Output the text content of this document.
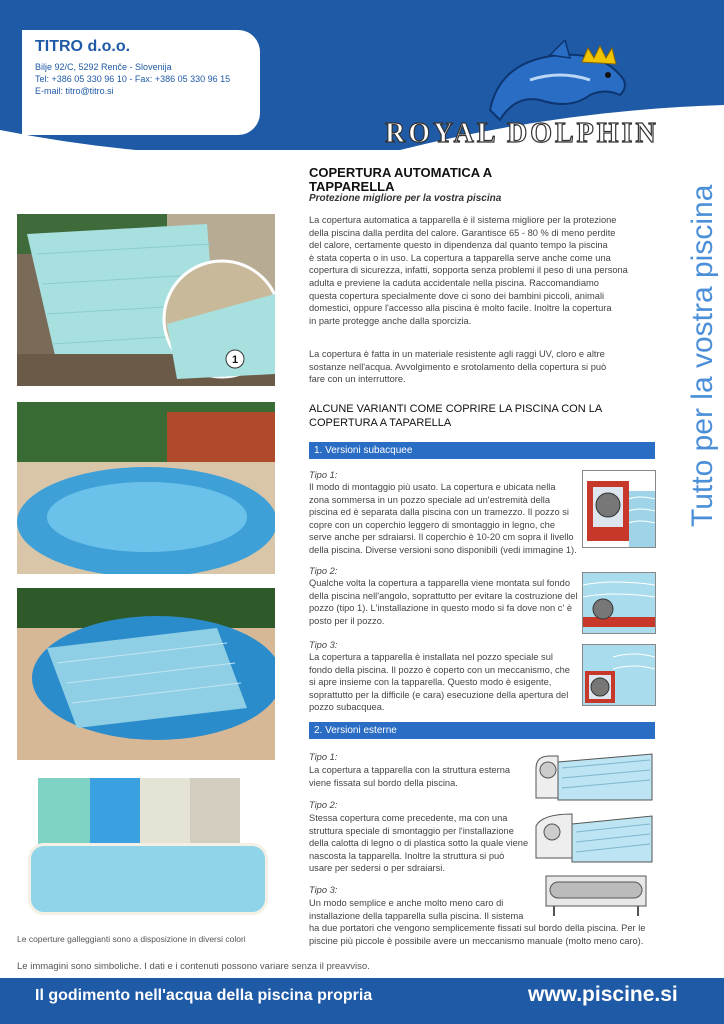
TITRO d.o.o.
Bilje 92/C, 5292 Renče - Slovenija
Tel: +386 05 330 96 10 - Fax: +386 05 330 96 15
E-mail: titro@titro.si
ROYAL DOLPHIN
COPERTURA AUTOMATICA A
TAPPARELLA
Protezione migliore per la vostra piscina
La copertura automatica a tapparella è il sistema migliore per la protezione
della piscina dalla perdita del calore. Garantisce 65 - 80 % di meno perdite
del calore, certamente questo in dipendenza dal quanto tempo la piscina
è stata coperta o in uso. La copertura a tapparella serve anche come una
copertura di sicurezza, infatti, sopporta senza problemi il peso di una persona
adulta e previene la caduta accidentale nella piscina. Raccomandiamo
questa copertura specialmente dove ci sono dei bambini piccoli, animali
domestici, oppure l'accesso alla piscina è molto facile. Inoltre la copertura
in parte protegge anche dalla sporcizia.
La copertura è fatta in un materiale resistente agli raggi UV, cloro e altre
sostanze nell'acqua. Avvolgimento e srotolamento della copertura si può
fare con un interruttore.
ALCUNE VARIANTI COME COPRIRE LA PISCINA CON LA
COPERTURA A TAPARELLA	Tutto per la vostra piscina
1. Versioni subacquee
Tipo 1:
Il modo di montaggio più usato. La copertura e ubicata nella
zona sommersa in un pozzo speciale ad un'estremità della
piscina ed è separata dalla piscina con un tramezzo. Il pozzo si
copre con un coperchio leggero di smontaggio in legno, che
serve anche per sdraiarsi. Il coperchio è 10-20 cm sopra il livello
della piscina. Diverse versioni sono disponibili (vedi immagine 1).
Tipo 2:
Qualche volta la copertura a tapparella viene montata sul fondo
della piscina nell'angolo, soprattutto per evitare la costruzione del
pozzo (tipo 1). L'installazione in questo modo si fa dove non c' è
posto per il pozzo.
Tipo 3:
La copertura a tapparella è installata nel pozzo speciale sul
fondo della piscina. Il pozzo è coperto con un meccanismo, che
si apre insieme con la tapparella. Questo modo è esigente,
soprattutto per la difficile (e cara) esecuzione della apertura del
pozzo subacquea.
2. Versioni esterne
Tipo 1:
La copertura a tapparella con la struttura esterna
viene fissata sul bordo della piscina.
Tipo 2:
Stessa copertura come precedente, ma con una
struttura speciale di smontaggio per l'installazione
della calotta di legno o di plastica sotto la quale viene
nascosta la tapparella. Inoltre la struttura si può
usare per sedersi o per sdraiarsi.
Tipo 3:
Un modo semplice e anche molto meno caro di
installazione della tapparella sulla piscina. Il sistema
ha due portatori che vengono semplicemente fissati sul bordo della piscina. Per le
piscine più piccole è possibile avere un meccanismo manuale (molto meno caro).
1
Le coperture galleggianti sono a disposizione in diversi colori
Le immagini sono simboliche. I dati e i contenuti possono variare senza il preavviso.
Il godimento nell'acqua della piscina propria	www.piscine.si
